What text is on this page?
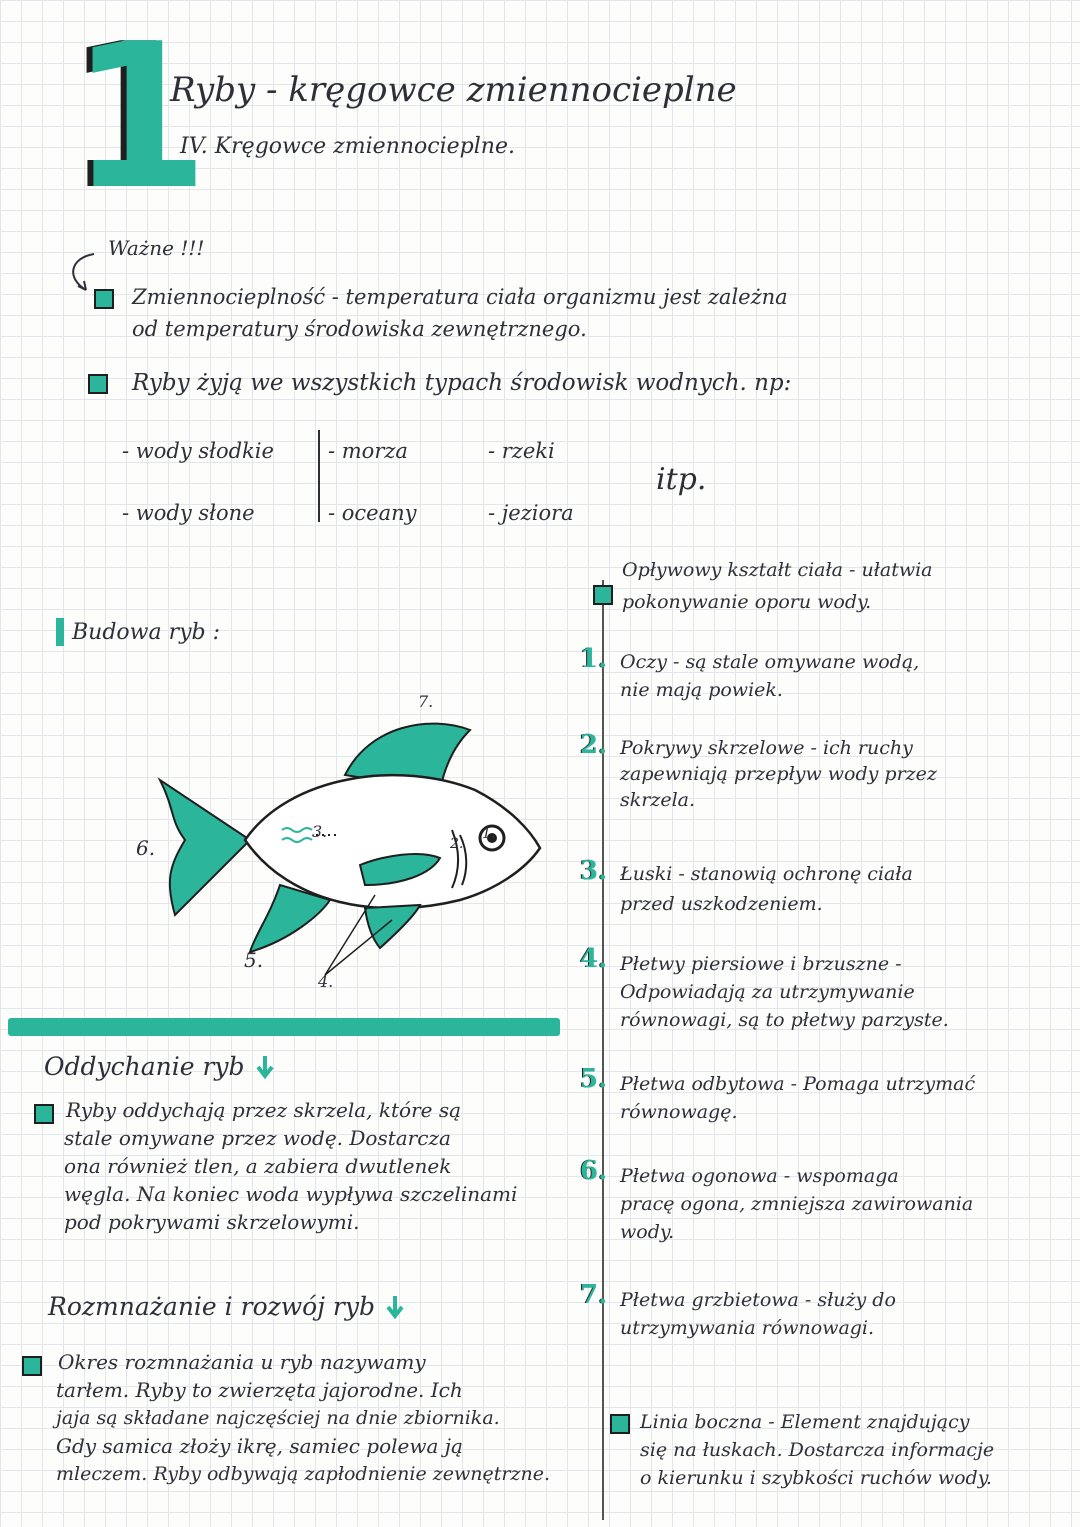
1
Ryby - kręgowce zmiennocieplne
IV. Kręgowce zmiennocieplne.
Ważne !!!
Zmiennocieplność - temperatura ciała organizmu jest zależna
od temperatury środowiska zewnętrznego.
Ryby żyją we wszystkich typach środowisk wodnych. np:
- wody słodkie
- wody słone
- morza
- oceany
- rzeki
- jeziora
itp.
Budowa ryb :
1.
2.
3.
4.
5.
6.
7.
Opływowy kształt ciała - ułatwia
pokonywanie oporu wody.
1. Oczy - są stale omywane wodą,
nie mają powiek.
2. Pokrywy skrzelowe - ich ruchy
zapewniają przepływ wody przez
skrzela.
3. Łuski - stanowią ochronę ciała
przed uszkodzeniem.
4. Płetwy piersiowe i brzuszne -
Odpowiadają za utrzymywanie
równowagi, są to płetwy parzyste.
5. Płetwa odbytowa - Pomaga utrzymać
równowagę.
6. Płetwa ogonowa - wspomaga
pracę ogona, zmniejsza zawirowania
wody.
7. Płetwa grzbietowa - służy do
utrzymywania równowagi.
Linia boczna - Element znajdujący
się na łuskach. Dostarcza informacje
o kierunku i szybkości ruchów wody.
Oddychanie ryb
Ryby oddychają przez skrzela, które są
stale omywane przez wodę. Dostarcza
ona również tlen, a zabiera dwutlenek
węgla. Na koniec woda wypływa szczelinami
pod pokrywami skrzelowymi.
Rozmnażanie i rozwój ryb
Okres rozmnażania u ryb nazywamy
tarłem. Ryby to zwierzęta jajorodne. Ich
jaja są składane najczęściej na dnie zbiornika.
Gdy samica złoży ikrę, samiec polewa ją
mleczem. Ryby odbywają zapłodnienie zewnętrzne.
